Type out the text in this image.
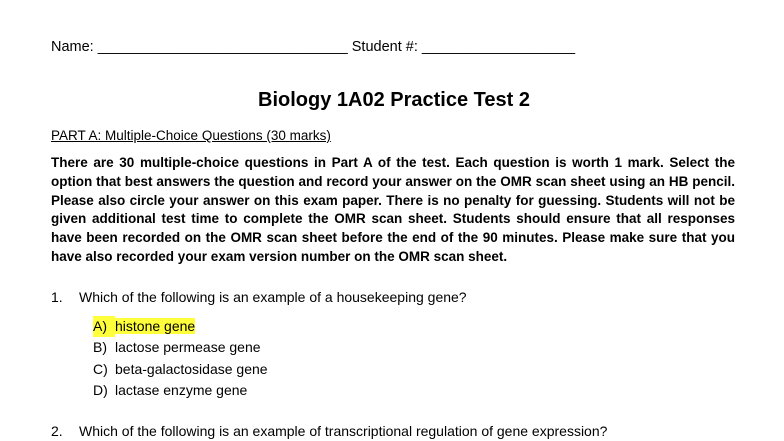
Name: _______________________________ Student #: ___________________
Biology 1A02 Practice Test 2
PART A: Multiple-Choice Questions (30 marks)

There are 30 multiple-choice questions in Part A of the test. Each question is worth 1 mark. Select the option that best answers the question and record your answer on the OMR scan sheet using an HB pencil. Please also circle your answer on this exam paper. There is no penalty for guessing. Students will not be given additional test time to complete the OMR scan sheet. Students should ensure that all responses have been recorded on the OMR scan sheet before the end of the 90 minutes. Please make sure that you have also recorded your exam version number on the OMR scan sheet.

1. Which of the following is an example of a housekeeping gene?
A) histone gene
B) lactose permease gene
C) beta-galactosidase gene
D) lactase enzyme gene
2. Which of the following is an example of transcriptional regulation of gene expression?
